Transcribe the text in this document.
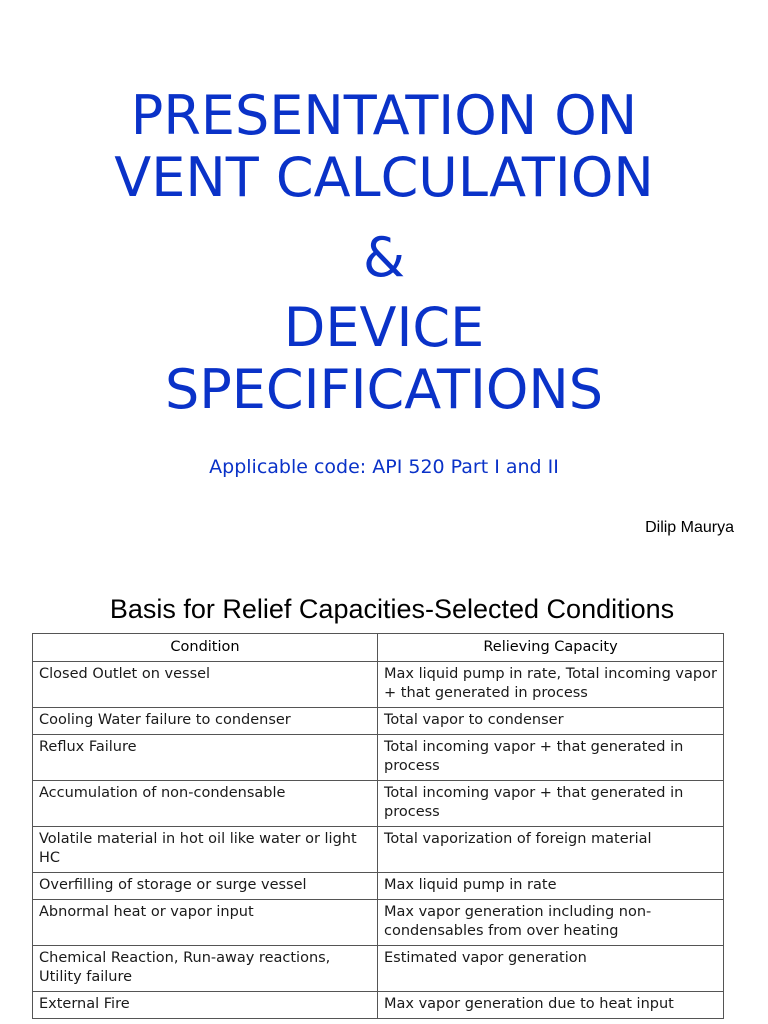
PRESENTATION ON
VENT CALCULATION
&
DEVICE
SPECIFICATIONS
Applicable code: API 520 Part I and II
Dilip Maurya
Basis for Relief Capacities-Selected Conditions
Condition	Relieving Capacity
Closed Outlet on vessel	Max liquid pump in rate, Total incoming vapor + that generated in process
Cooling Water failure to condenser	Total vapor to condenser
Reflux Failure	Total incoming vapor + that generated in process
Accumulation of non-condensable	Total incoming vapor + that generated in process
Volatile material in hot oil like water or light HC	Total vaporization of foreign material
Overfilling of storage or surge vessel	Max liquid pump in rate
Abnormal heat or vapor input	Max vapor generation including non-condensables from over heating
Chemical Reaction, Run-away reactions, Utility failure	Estimated vapor generation
External Fire	Max vapor generation due to heat input
